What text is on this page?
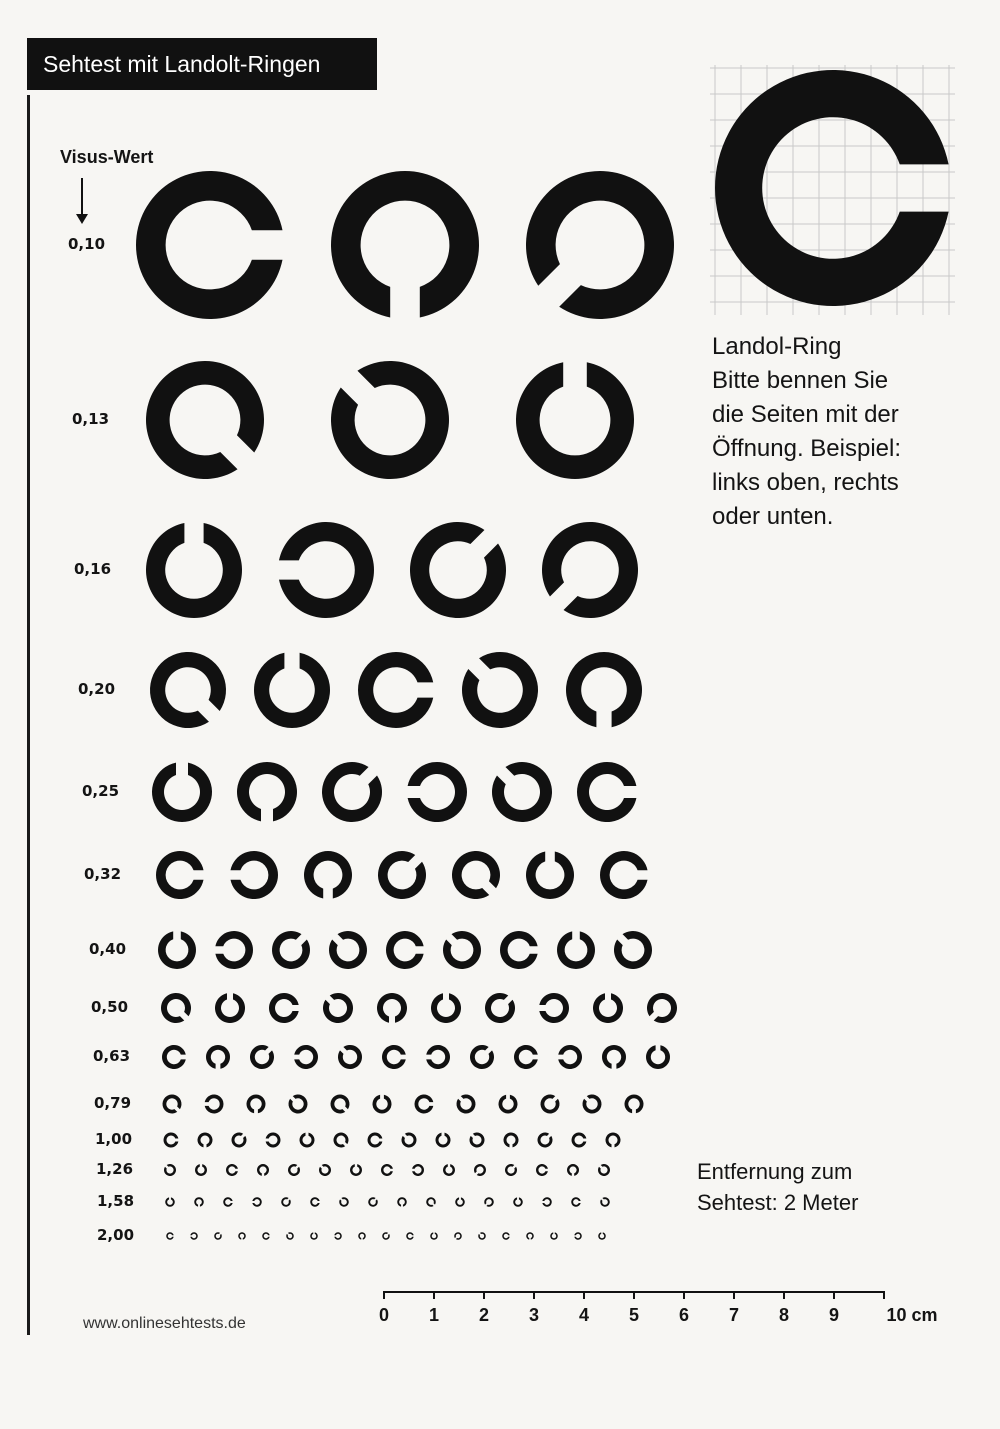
Sehtest mit Landolt-Ringen
Visus-Wert
0,10
0,13
0,16
0,20
0,25
0,32
0,40
0,50
0,63
0,79
1,00
1,26
1,58
2,00
Landol-Ring
Bitte bennen Sie
die Seiten mit der
Öffnung. Beispiel:
links oben, rechts
oder unten.
Entfernung zum
Sehtest: 2 Meter
www.onlinesehtests.de	0 1 2 3 4 5 6 7 8 9	10 cm
